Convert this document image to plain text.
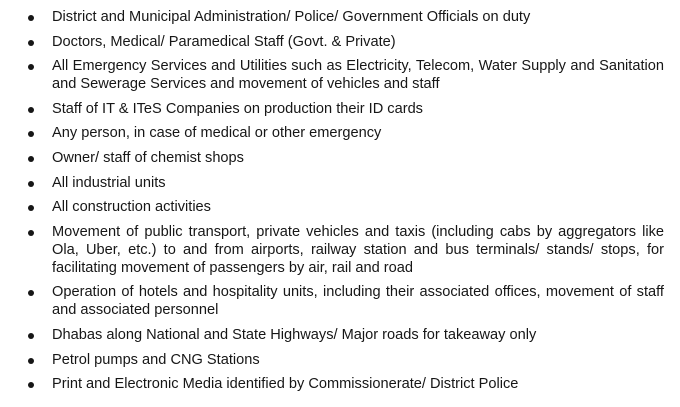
District and Municipal Administration/ Police/ Government Officials on duty
Doctors, Medical/ Paramedical Staff (Govt. & Private)
All Emergency Services and Utilities such as Electricity, Telecom, Water Supply and Sanitation and Sewerage Services and movement of vehicles and staff
Staff of IT & ITeS Companies on production their ID cards
Any person, in case of medical or other emergency
Owner/ staff of chemist shops
All industrial units
All construction activities
Movement of public transport, private vehicles and taxis (including cabs by aggregators like Ola, Uber, etc.) to and from airports, railway station and bus terminals/ stands/ stops, for facilitating movement of passengers by air, rail and road
Operation of hotels and hospitality units, including their associated offices, movement of staff and associated personnel
Dhabas along National and State Highways/ Major roads for takeaway only
Petrol pumps and CNG Stations
Print and Electronic Media identified by Commissionerate/ District Police
